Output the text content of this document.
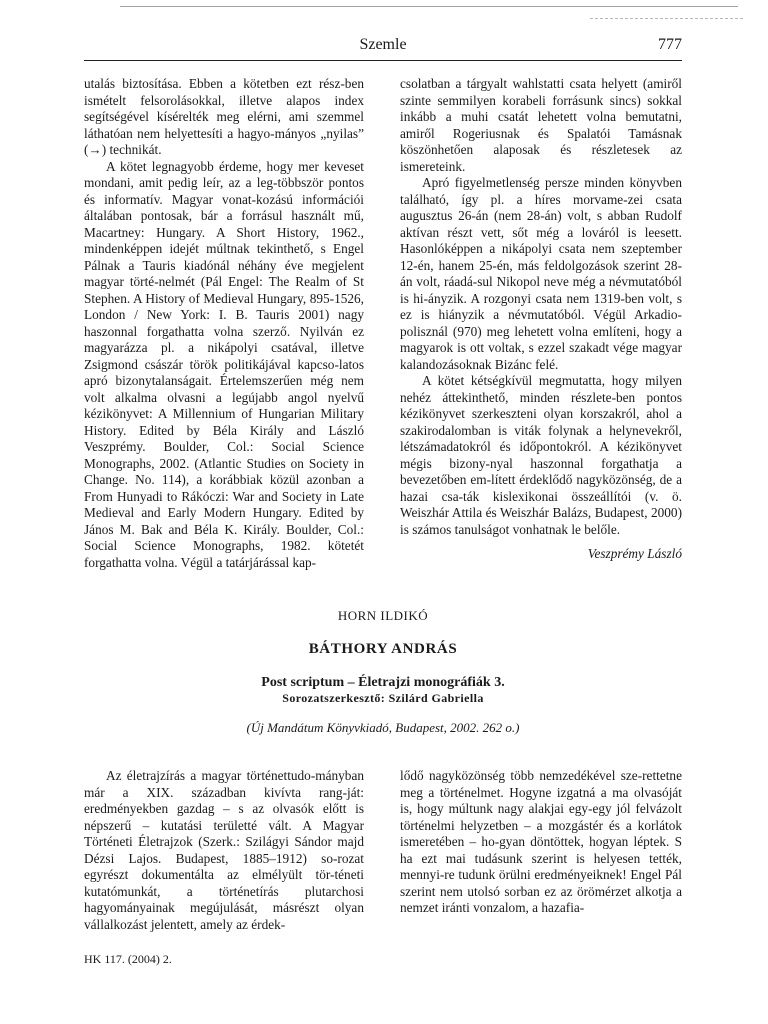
Szemle	777

utalás biztosítása. Ebben a kötetben ezt rész-ben ismételt felsorolásokkal, illetve alapos index segítségével kísérelték meg elérni, ami szemmel láthatóan nem helyettesíti a hagyo-mányos „nyilas” (→) technikát.

A kötet legnagyobb érdeme, hogy mer keveset mondani, amit pedig leír, az a leg-többször pontos és informatív. Magyar vonat-kozású információi általában pontosak, bár a forrásul használt mű, Macartney: Hungary. A Short History, 1962., mindenképpen idejét múltnak tekinthető, s Engel Pálnak a Tauris kiadónál néhány éve megjelent magyar törté-nelmét (Pál Engel: The Realm of St Stephen. A History of Medieval Hungary, 895-1526, London / New York: I. B. Tauris 2001) nagy haszonnal forgathatta volna szerző. Nyilván ez magyarázza pl. a nikápolyi csatával, illetve Zsigmond császár török politikájával kapcso-latos apró bizonytalanságait. Értelemszerűen még nem volt alkalma olvasni a legújabb angol nyelvű kézikönyvet: A Millennium of Hungarian Military History. Edited by Béla Király and László Veszprémy. Boulder, Col.: Social Science Monographs, 2002. (Atlantic Studies on Society in Change. No. 114), a korábbiak közül azonban a From Hunyadi to Rákóczi: War and Society in Late Medieval and Early Modern Hungary. Edited by János M. Bak and Béla K. Király. Boulder, Col.: Social Science Monographs, 1982. kötetét forgathatta volna. Végül a tatárjárással kap-

csolatban a tárgyalt wahlstatti csata helyett (amiről szinte semmilyen korabeli forrásunk sincs) sokkal inkább a muhi csatát lehetett volna bemutatni, amiről Rogeriusnak és Spalatói Tamásnak köszönhetően alaposak és részletesek az ismereteink.

Apró figyelmetlenség persze minden könyvben található, így pl. a híres morvame-zei csata augusztus 26-án (nem 28-án) volt, s abban Rudolf aktívan részt vett, sőt még a lováról is leesett. Hasonlóképpen a nikápolyi csata nem szeptember 12-én, hanem 25-én, más feldolgozások szerint 28-án volt, ráadá-sul Nikopol neve még a névmutatóból is hi-ányzik. A rozgonyi csata nem 1319-ben volt, s ez is hiányzik a névmutatóból. Végül Arkadio-polisznál (970) meg lehetett volna említeni, hogy a magyarok is ott voltak, s ezzel szakadt vége magyar kalandozásoknak Bizánc felé.

A kötet kétségkívül megmutatta, hogy milyen nehéz áttekinthető, minden részlete-ben pontos kézikönyvet szerkeszteni olyan korszakról, ahol a szakirodalomban is viták folynak a helynevekről, létszámadatokról és időpontokról. A kézikönyvet mégis bizony-nyal haszonnal forgathatja a bevezetőben em-lített érdeklődő nagyközönség, de a hazai csa-ták kislexikonai összeállítói (v. ö. Weiszhár Attila és Weiszhár Balázs, Budapest, 2000) is számos tanulságot vonhatnak le belőle.

Veszprémy László

HORN ILDIKÓ
BÁTHORY ANDRÁS
Post scriptum – Életrajzi monográfiák 3.
Sorozatszerkesztő: Szilárd Gabriella
(Új Mandátum Könyvkiadó, Budapest, 2002. 262 o.)

Az életrajzírás a magyar történettudo-mányban már a XIX. században kivívta rang-ját: eredményekben gazdag – s az olvasók előtt is népszerű – kutatási területté vált. A Magyar Történeti Életrajzok (Szerk.: Szilágyi Sándor majd Dézsi Lajos. Budapest, 1885–1912) so-rozat egyrészt dokumentálta az elmélyült tör-téneti kutatómunkát, a történetírás plutarchosi hagyományainak megújulását, másrészt olyan vállalkozást jelentett, amely az érdek-

lődő nagyközönség több nemzedékével sze-rettetne meg a történelmet. Hogyne izgatná a ma olvasóját is, hogy múltunk nagy alakjai egy-egy jól felvázolt történelmi helyzetben – a mozgástér és a korlátok ismeretében – ho-gyan döntöttek, hogyan léptek. S ha ezt mai tudásunk szerint is helyesen tették, mennyi-re tudunk örülni eredményeiknek! Engel Pál szerint nem utolsó sorban ez az örömérzet alkotja a nemzet iránti vonzalom, a hazafia-

HK 117. (2004) 2.
